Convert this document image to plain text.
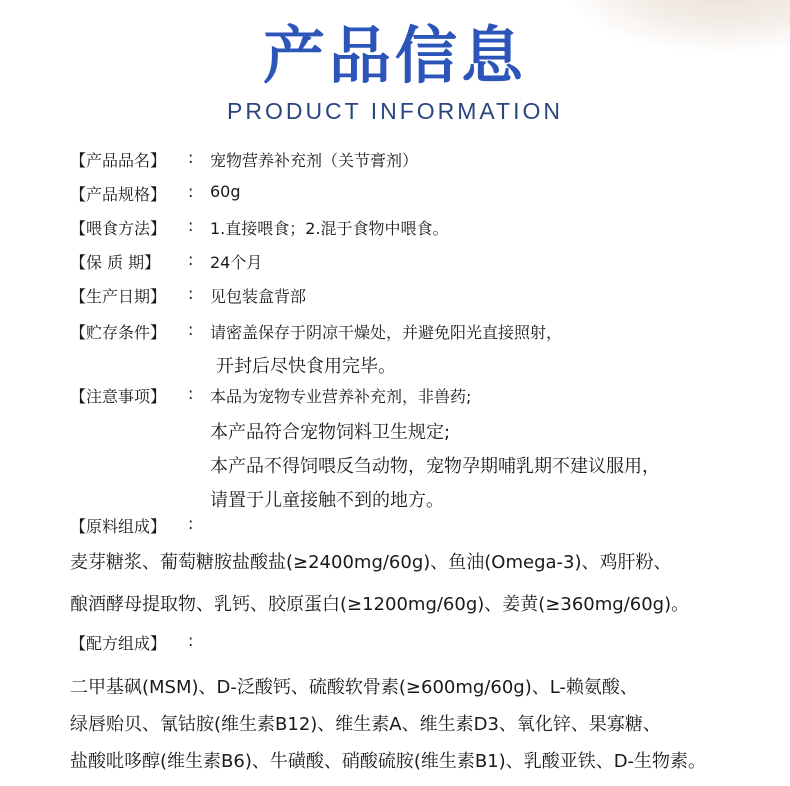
产品信息
PRODUCT INFORMATION
【产品品名】	:	宠物营养补充剂（关节膏剂）
【产品规格】	:	60g
【喂食方法】	:	1.直接喂食；2.混于食物中喂食。
【保 质 期】	:	24个月
【生产日期】	:	见包装盒背部
【贮存条件】	:	请密盖保存于阴凉干燥处，并避免阳光直接照射，
开封后尽快食用完毕。
【注意事项】	:	本品为宠物专业营养补充剂，非兽药;
本产品符合宠物饲料卫生规定;
本产品不得饲喂反刍动物，宠物孕期哺乳期不建议服用，
请置于儿童接触不到的地方。
【原料组成】	:
麦芽糖浆、葡萄糖胺盐酸盐(≥2400mg/60g)、鱼油(Omega-3)、鸡肝粉、
酿酒酵母提取物、乳钙、胶原蛋白(≥1200mg/60g)、姜黄(≥360mg/60g)。
【配方组成】	:
二甲基砜(MSM)、D-泛酸钙、硫酸软骨素(≥600mg/60g)、L-赖氨酸、
绿唇贻贝、氰钴胺(维生素B12)、维生素A、维生素D3、氧化锌、果寡糖、
盐酸吡哆醇(维生素B6)、牛磺酸、硝酸硫胺(维生素B1)、乳酸亚铁、D-生物素。
